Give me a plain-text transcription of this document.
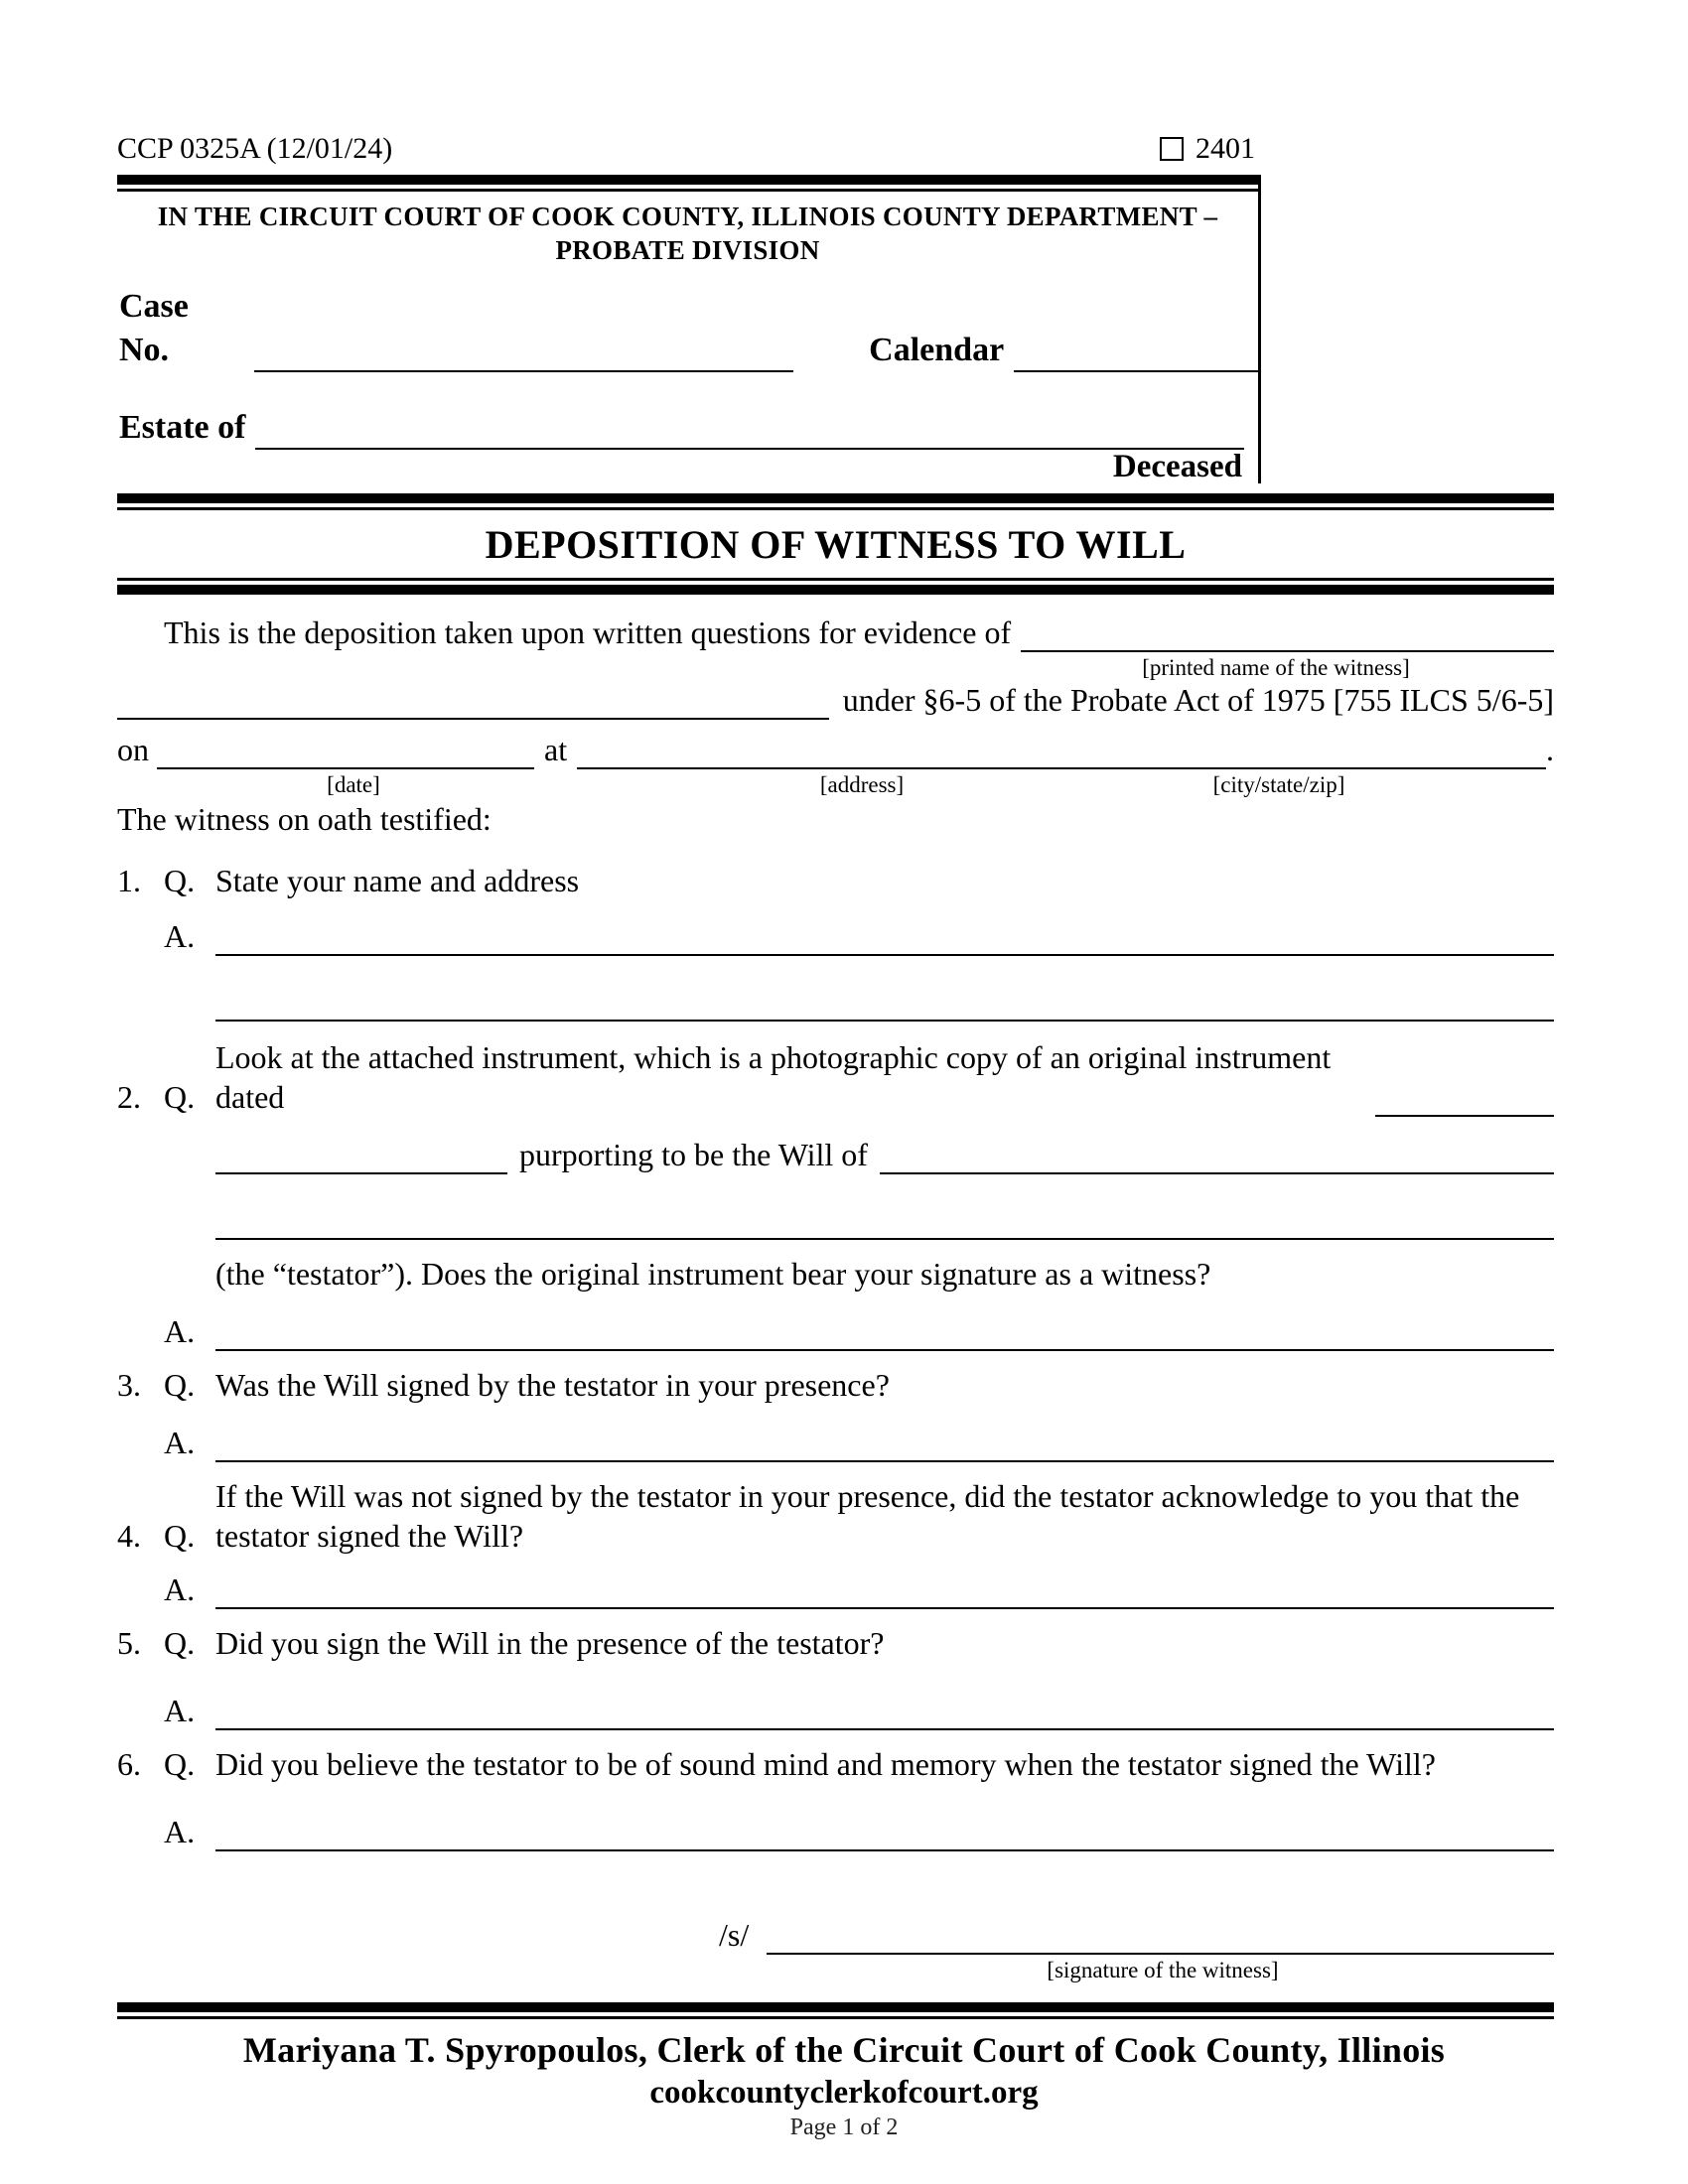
CCP 0325A (12/01/24)	2401
IN THE CIRCUIT COURT OF COOK COUNTY, ILLINOIS COUNTY DEPARTMENT – PROBATE DIVISION
Case No.	Calendar
Estate of
Deceased
DEPOSITION OF WITNESS TO WILL
This is the deposition taken upon written questions for evidence of
[printed name of the witness]
under §6-5 of the Probate Act of 1975 [755 ILCS 5/6-5]
on	at	.
[date]	[address]	[city/state/zip]
The witness on oath testified:
1. Q. State your name and address
A.
2. Q.
Look at the attached instrument, which is a photographic copy of an original instrument dated
purporting to be the Will of
(the “testator”). Does the original instrument bear your signature as a witness?
A.
3. Q. Was the Will signed by the testator in your presence?
A.
4. Q.
If the Will was not signed by the testator in your presence, did the testator acknowledge to you that the testator signed the Will?
A.
5. Q. Did you sign the Will in the presence of the testator?
A.
6. Q. Did you believe the testator to be of sound mind and memory when the testator signed the Will?
A.
/s/
[signature of the witness]
Mariyana T. Spyropoulos, Clerk of the Circuit Court of Cook County, Illinois
cookcountyclerkofcourt.org
Page 1 of 2
